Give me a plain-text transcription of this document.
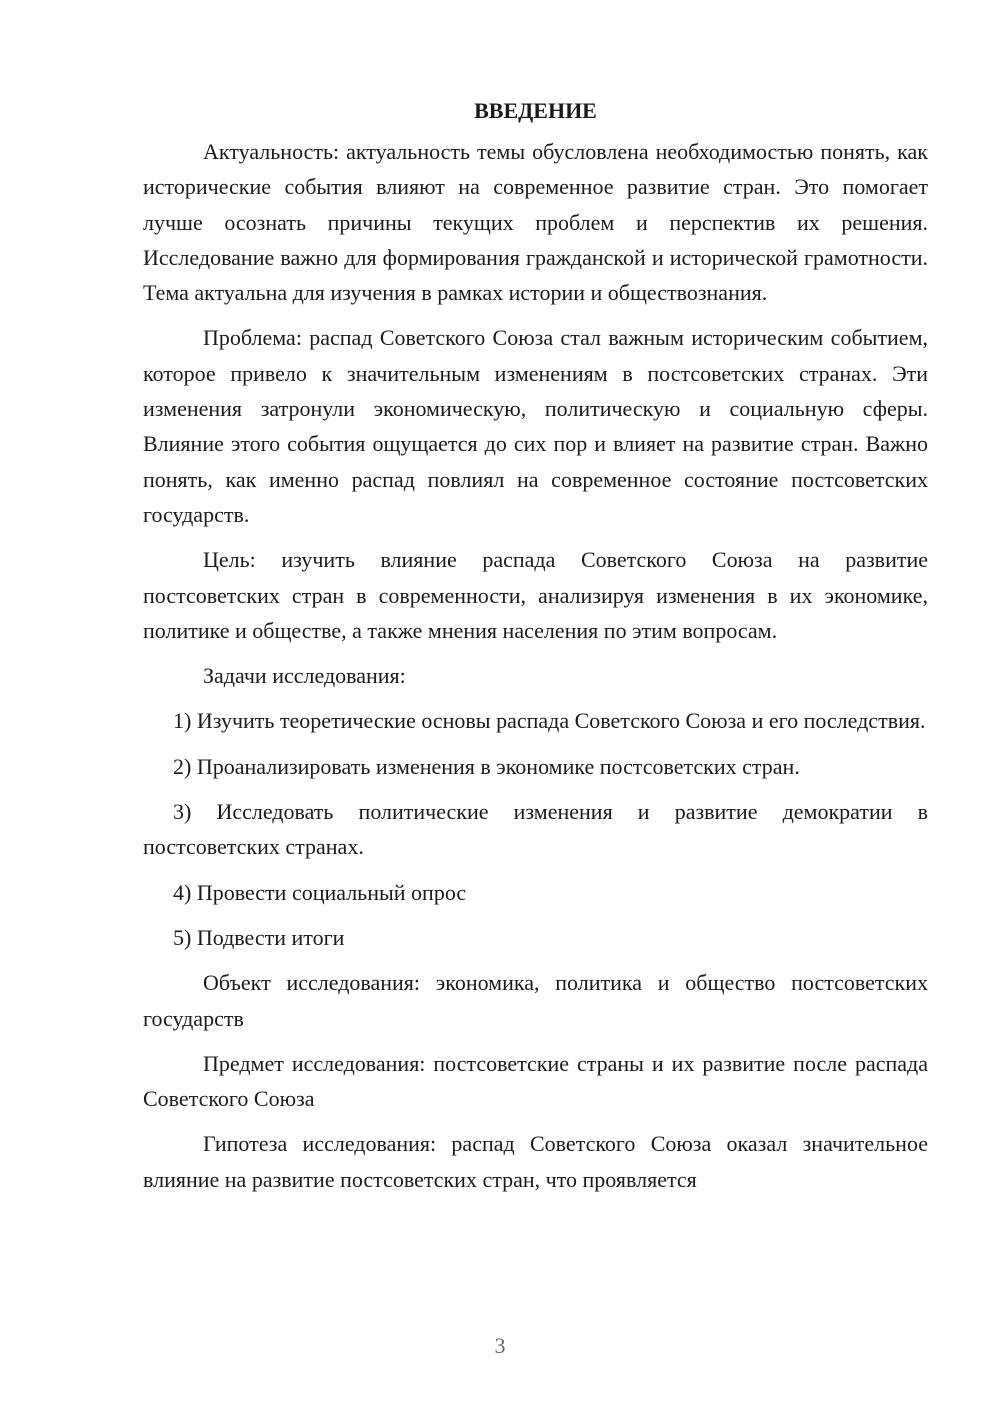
ВВЕДЕНИЕ

Актуальность: актуальность темы обусловлена необходимостью понять, как исторические события влияют на современное развитие стран. Это помогает лучше осознать причины текущих проблем и перспектив их решения. Исследование важно для формирования гражданской и исторической грамотности. Тема актуальна для изучения в рамках истории и обществознания.

Проблема: распад Советского Союза стал важным историческим событием, которое привело к значительным изменениям в постсоветских странах. Эти изменения затронули экономическую, политическую и социальную сферы. Влияние этого события ощущается до сих пор и влияет на развитие стран. Важно понять, как именно распад повлиял на современное состояние постсоветских государств.

Цель: изучить влияние распада Советского Союза на развитие постсоветских стран в современности, анализируя изменения в их экономике, политике и обществе, а также мнения населения по этим вопросам.

Задачи исследования:

1) Изучить теоретические основы распада Советского Союза и его последствия.

2) Проанализировать изменения в экономике постсоветских стран.

3) Исследовать политические изменения и развитие демократии в постсоветских странах.

4) Провести социальный опрос

5) Подвести итоги

Объект исследования: экономика, политика и общество постсоветских государств

Предмет исследования: постсоветские страны и их развитие после распада Советского Союза

Гипотеза исследования: распад Советского Союза оказал значительное влияние на развитие постсоветских стран, что проявляется

3
